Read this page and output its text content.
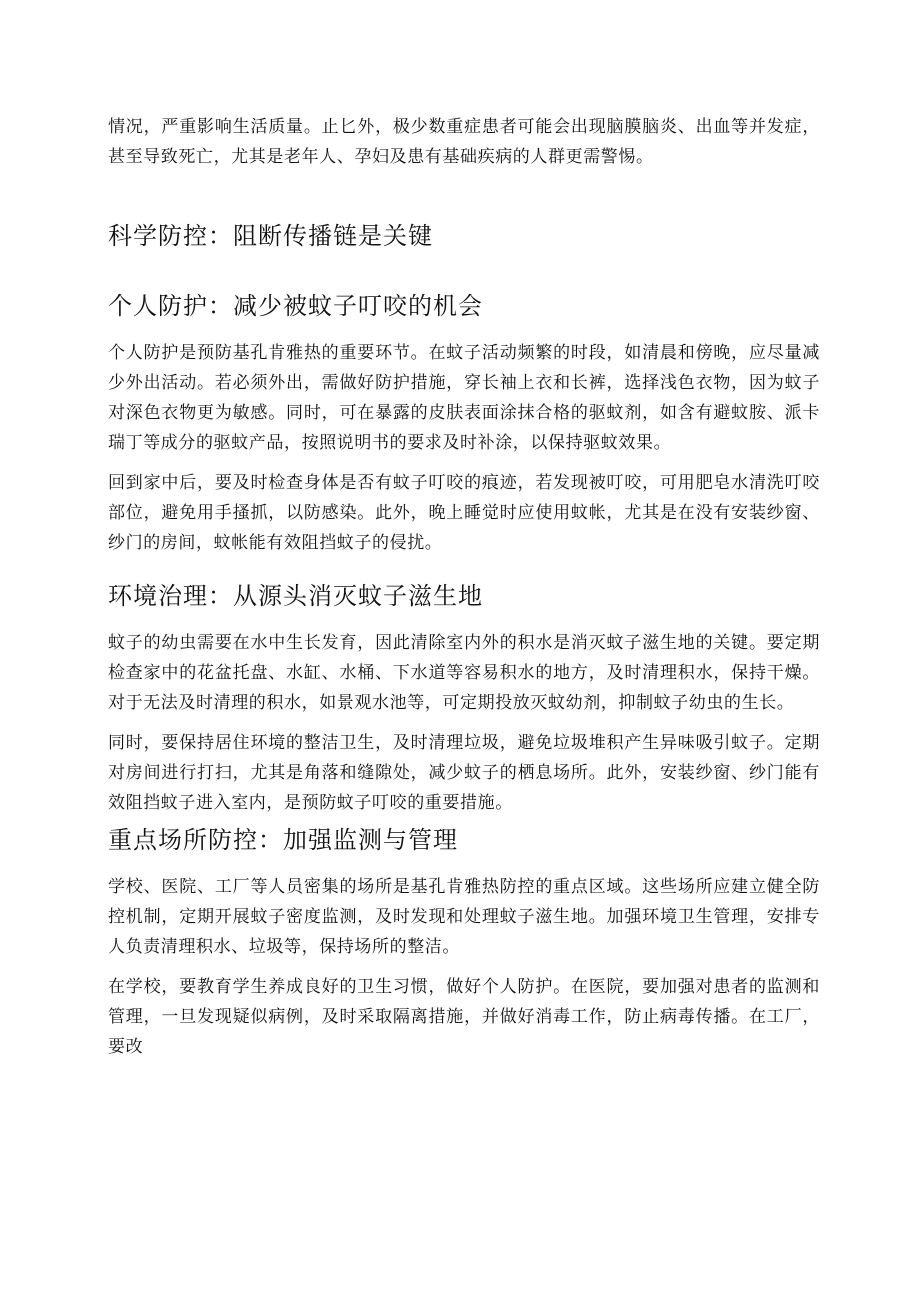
情况，严重影响生活质量。止匕外，极少数重症患者可能会出现脑膜脑炎、出血等并发症，甚至导致死亡，尤其是老年人、孕妇及患有基础疾病的人群更需警惕。

科学防控：阻断传播链是关键
个人防护：减少被蚊子叮咬的机会

个人防护是预防基孔肯雅热的重要环节。在蚊子活动频繁的时段，如清晨和傍晚，应尽量减少外出活动。若必须外出，需做好防护措施，穿长袖上衣和长裤，选择浅色衣物，因为蚊子对深色衣物更为敏感。同时，可在暴露的皮肤表面涂抹合格的驱蚊剂，如含有避蚊胺、派卡瑞丁等成分的驱蚊产品，按照说明书的要求及时补涂，以保持驱蚊效果。

回到家中后，要及时检查身体是否有蚊子叮咬的痕迹，若发现被叮咬，可用肥皂水清洗叮咬部位，避免用手搔抓，以防感染。此外，晚上睡觉时应使用蚊帐，尤其是在没有安装纱窗、纱门的房间，蚊帐能有效阻挡蚊子的侵扰。

环境治理：从源头消灭蚊子滋生地

蚊子的幼虫需要在水中生长发育，因此清除室内外的积水是消灭蚊子滋生地的关键。要定期检查家中的花盆托盘、水缸、水桶、下水道等容易积水的地方，及时清理积水，保持干燥。对于无法及时清理的积水，如景观水池等，可定期投放灭蚊幼剂，抑制蚊子幼虫的生长。

同时，要保持居住环境的整洁卫生，及时清理垃圾，避免垃圾堆积产生异味吸引蚊子。定期对房间进行打扫，尤其是角落和缝隙处，减少蚊子的栖息场所。此外，安装纱窗、纱门能有效阻挡蚊子进入室内，是预防蚊子叮咬的重要措施。

重点场所防控：加强监测与管理

学校、医院、工厂等人员密集的场所是基孔肯雅热防控的重点区域。这些场所应建立健全防控机制，定期开展蚊子密度监测，及时发现和处理蚊子滋生地。加强环境卫生管理，安排专人负责清理积水、垃圾等，保持场所的整洁。

在学校，要教育学生养成良好的卫生习惯，做好个人防护。在医院，要加强对患者的监测和管理，一旦发现疑似病例，及时采取隔离措施，并做好消毒工作，防止病毒传播。在工厂，要改
